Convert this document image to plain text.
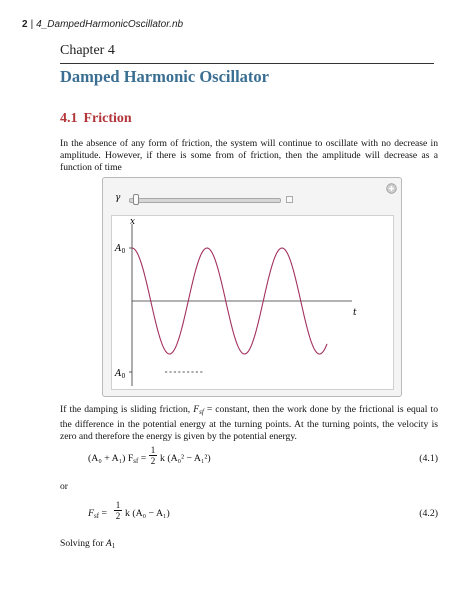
2 | 4_DampedHarmonicOscillator.nb
Chapter 4
Damped Harmonic Oscillator
4.1 Friction
In the absence of any form of friction, the system will continue to oscillate with no decrease in amplitude. However, if there is some from of friction, then the amplitude will decrease as a function of time
γ
x
t
$A_0$
$A_0$
If the damping is sliding friction, $F_{sf}$ = constant, then the work done by the frictional is equal to the difference in the potential energy at the turning points. At the turning points, the velocity is zero and therefore the energy is given by the potential energy.
(A₀ + A₁) $F_{sf} = \frac{1}{2}$ k (A₀² − A₁²)	(4.1)
or
$F_{sf} = \frac{1}{2}$ k (A₀ − A₁)	(4.2)
Solving for $A_1$
